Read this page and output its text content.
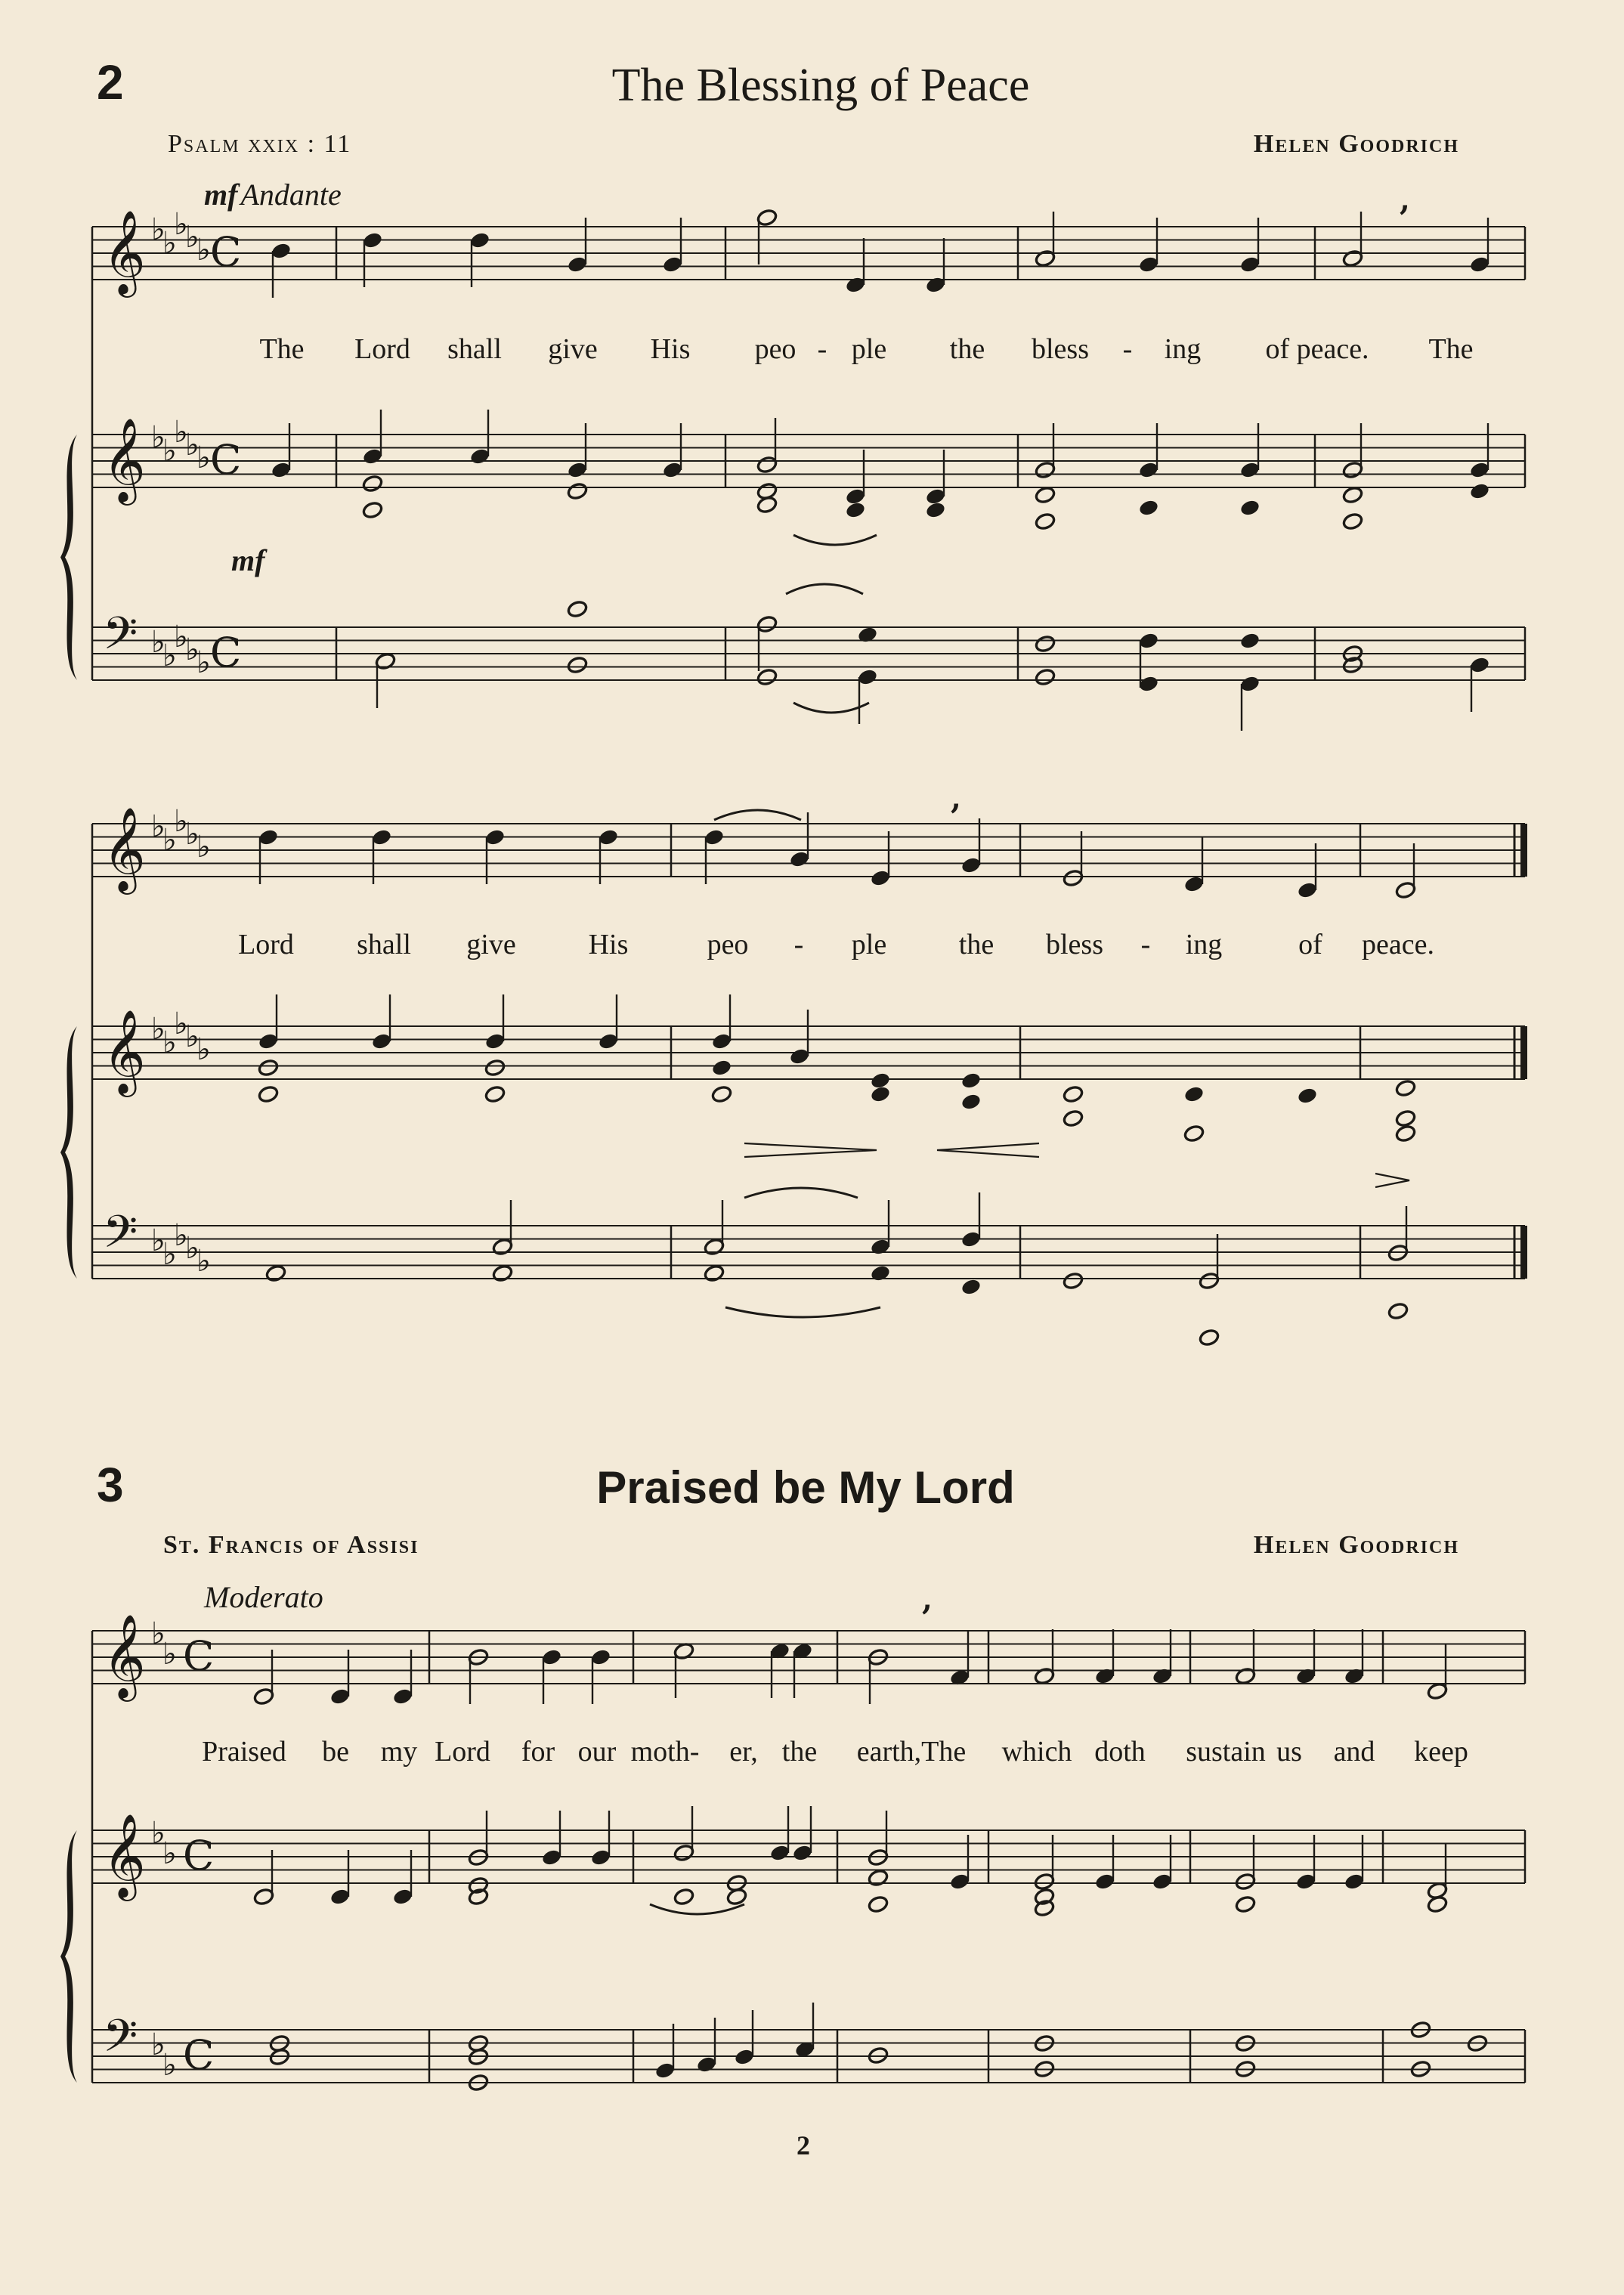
2	The Blessing of Peace
Psalm xxix : 11	Helen Goodrich
mf Andante
mf
The Lord shall give His peo - ple the bless - ing of peace. The
Lord shall give	His	peo - ple	the bless - ing	of peace.
3	Praised be My Lord
St. Francis of Assisi	Helen Goodrich
Moderato
Praised be my Lord for our moth- er, the earth,The which doth sustain us and keep
2
𝄞 ♭
♭
♭
♭
♭ C
𝄞 ♭
♭
♭
♭
♭ C
𝄢 ♭
♭
♭
♭
♭ C
𝄞 ♭
♭
♭
♭
♭
𝄞 ♭
♭
♭
♭
♭
𝄢 ♭
♭
♭
♭
♭
𝄞 ♭
♭ C
𝄞 ♭
♭ C
𝄢 ♭
♭ C
,
,
,
